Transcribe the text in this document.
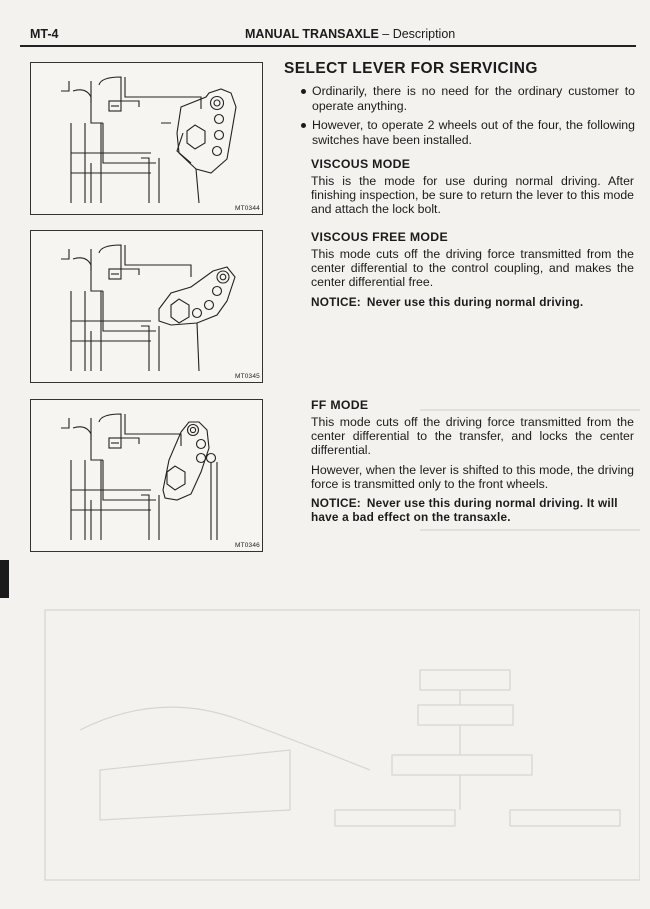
MT-4	MANUAL TRANSAXLE – Description
MT0344
MT0345
MT0346
SELECT LEVER FOR SERVICING
Ordinarily, there is no need for the ordinary customer to operate anything.
However, to operate 2 wheels out of the four, the following switches have been installed.
VISCOUS MODE

This is the mode for use during normal driving. After finishing inspection, be sure to return the lever to this mode and attach the lock bolt.

VISCOUS FREE MODE

This mode cuts off the driving force transmitted from the center differential to the control coupling, and makes the center differential free.

NOTICE: Never use this during normal driving.
FF MODE

This mode cuts off the driving force transmitted from the center differential to the transfer, and locks the center differential.

However, when the lever is shifted to this mode, the driving force is transmitted only to the front wheels.

NOTICE: Never use this during normal driving. It will have a bad effect on the transaxle.
